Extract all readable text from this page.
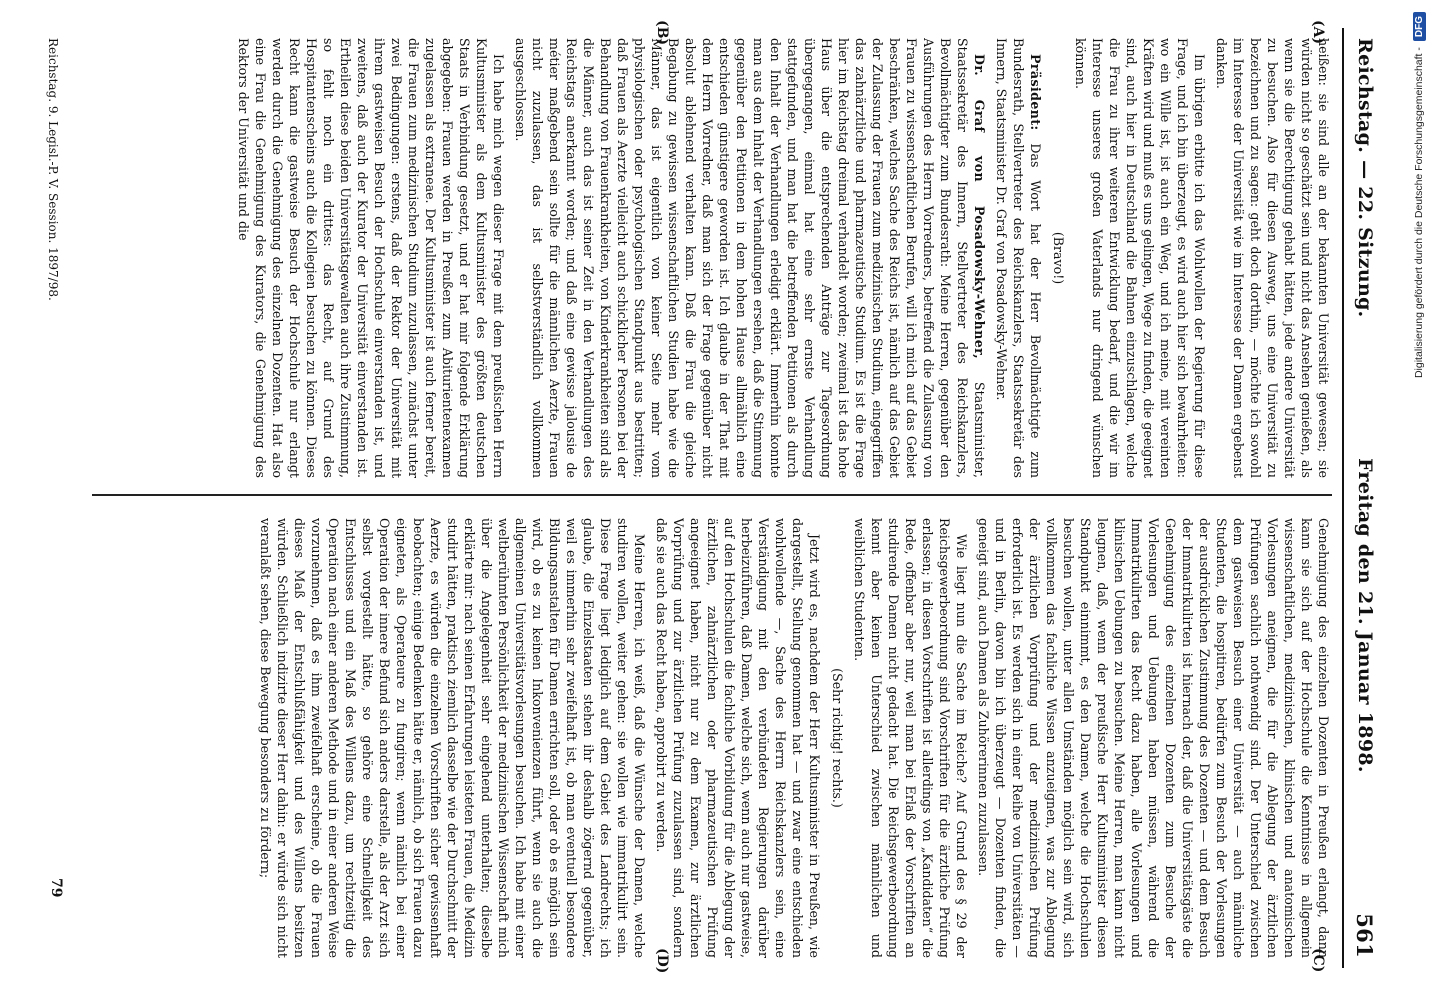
Reichstag. — 22. Sitzung.
Freitag den 21. Januar 1898.
561

heißen: sie sind alle an der bekannten Universität gewesen; sie würden nicht so geschätzt sein und nicht das Ansehen genießen, als wenn sie die Berechtigung gehabt hätten, jede andere Universität zu besuchen. Also für diesen Ausweg, uns eine Universität zu bezeichnen und zu sagen: geht doch dorthin, — möchte ich sowohl im Interesse der Universität wie im Interesse der Damen ergebenst danken.

Im übrigen erbitte ich das Wohlwollen der Regierung für diese Frage, und ich bin überzeugt, es wird auch hier sich bewahrheiten: wo ein Wille ist, ist auch ein Weg, und ich meine, mit vereinten Kräften wird und muß es uns gelingen, Wege zu finden, die geeignet sind, auch hier in Deutschland die Bahnen einzuschlagen, welche die Frau zu ihrer weiteren Entwicklung bedarf, und die wir im Interesse unseres großen Vaterlands nur dringend wünschen können.

(Bravo!)

Präsident: Das Wort hat der Herr Bevollmächtigte zum Bundesrath, Stellvertreter des Reichskanzlers, Staatssekretär des Innern, Staatsminister Dr. Graf von Posadowsky-Wehner.

Dr. Graf von Posadowsky-Wehner, Staatsminister, Staatssekretär des Innern, Stellvertreter des Reichskanzlers, Bevollmächtigter zum Bundesrath: Meine Herren, gegenüber den Ausführungen des Herrn Vorredners, betreffend die Zulassung von Frauen zu wissenschaftlichen Berufen, will ich mich auf das Gebiet beschränken, welches Sache des Reichs ist, nämlich auf das Gebiet der Zulassung der Frauen zum medizinischen Studium, eingegriffen das zahnärztliche und pharmazeutische Studium. Es ist die Frage hier im Reichstag dreimal verhandelt worden; zweimal ist das hohe Haus über die entsprechenden Anträge zur Tagesordnung übergegangen, einmal hat eine sehr ernste Verhandlung stattgefunden, und man hat die betreffenden Petitionen als durch den Inhalt der Verhandlungen erledigt erklärt. Immerhin konnte man aus dem Inhalt der Verhandlungen ersehen, daß die Stimmung gegenüber den Petitionen in dem hohen Hause allmählich eine entschieden günstigere geworden ist. Ich glaube in der That mit dem Herrn Vorredner, daß man sich der Frage gegenüber nicht absolut ablehnend verhalten kann. Daß die Frau die gleiche Begabung zu gewissen wissenschaftlichen Studien habe wie die Männer, das ist eigentlich von keiner Seite mehr vom physiologischen oder psychologischen Standpunkt aus bestritten; daß Frauen als Aerzte vielleicht auch schicklicher Personen bei der Behandlung von Frauenkrankheiten, von Kinderkrankheiten sind als die Männer, auch das ist seiner Zeit in den Verhandlungen des Reichstags anerkannt worden; und daß eine gewisse jalousie de métier maßgebend sein sollte für die männlichen Aerzte, Frauen nicht zuzulassen, das ist selbstverständlich vollkommen ausgeschlossen.

Ich habe mich wegen dieser Frage mit dem preußischen Herrn Kultusminister als dem Kultusminister des größten deutschen Staats in Verbindung gesetzt, und er hat mir folgende Erklärung abgegeben: Frauen werden in Preußen zum Abiturientenexamen zugelassen als extraneae. Der Kultusminister ist auch ferner bereit, die Frauen zum medizinischen Studium zuzulassen, zunächst unter zwei Bedingungen: erstens, daß der Rektor der Universität mit ihrem gastweisen Besuch der Hochschule einverstanden ist, und zweitens, daß auch der Kurator der Universität einverstanden ist. Ertheilen diese beiden Universitätsgewalten auch ihre Zustimmung, so fehlt noch ein drittes: das Recht, auf Grund des Hospitantenscheins auch die Kollegien besuchen zu können. Dieses Recht kann die gastweise Besuch der Hochschule nur erlangt werden durch die Genehmigung des einzelnen Dozenten. Hat also eine Frau die Genehmigung des Kurators, die Genehmigung des Rektors der Universität und die

Genehmigung des einzelnen Dozenten in Preußen erlangt, dann kann sie sich auf der Hochschule die Kenntnisse in allgemein wissenschaftlichen, medizinischen, klinischen und anatomischen Vorlesungen aneignen, die für die Ablegung der ärztlichen Prüfungen sachlich nothwendig sind. Der Unterschied zwischen dem gastweisen Besuch einer Universität — auch männliche Studenten, die hospitiren, bedürfen zum Besuch der Vorlesungen der ausdrücklichen Zustimmung des Dozenten — und dem Besuch der Immatrikulirten ist hiernach der, daß die Universitätsgäste die Genehmigung des einzelnen Dozenten zum Besuche der Vorlesungen und Uebungen haben müssen, während die Immatrikulirten das Recht dazu haben, alle Vorlesungen und klinischen Uebungen zu besuchen. Meine Herren, man kann nicht leugnen, daß, wenn der preußische Herr Kultusminister diesen Standpunkt einnimmt, es den Damen, welche die Hochschulen besuchen wollen, unter allen Umständen möglich sein wird, sich vollkommen das fachliche Wissen anzueignen, was zur Ablegung der ärztlichen Vorprüfung und der medizinischen Prüfung erforderlich ist. Es werden sich in einer Reihe von Universitäten — und in Berlin, davon bin ich überzeugt — Dozenten finden, die geneigt sind, auch Damen als Zuhörerinnen zuzulassen.

Wie liegt nun die Sache im Reiche? Auf Grund des § 29 der Reichsgewerbeordnung sind Vorschriften für die ärztliche Prüfung erlassen; in diesen Vorschriften ist allerdings von „Kandidaten“ die Rede, offenbar aber nur, weil man bei Erlaß der Vorschriften an studirende Damen nicht gedacht hat. Die Reichsgewerbeordnung kennt aber keinen Unterschied zwischen männlichen und weiblichen Studenten.

(Sehr richtig! rechts.)

Jetzt wird es, nachdem der Herr Kultusminister in Preußen, wie dargestellt, Stellung genommen hat — und zwar eine entschieden wohlwollende —, Sache des Herrn Reichskanzlers sein, eine Verständigung mit den verbündeten Regierungen darüber herbeizuführen, daß Damen, welche sich, wenn auch nur gastweise, auf den Hochschulen die fachliche Vorbildung für die Ablegung der ärztlichen, zahnärztlichen oder pharmazeutischen Prüfung angeeignet haben, nicht nur zu dem Examen, zur ärztlichen Vorprüfung und zur ärztlichen Prüfung zuzulassen sind, sondern daß sie auch das Recht haben, approbirt zu werden.

Meine Herren, ich weiß, daß die Wünsche der Damen, welche studiren wollen, weiter gehen: sie wollen wie immatrikulirt sein. Diese Frage liegt lediglich auf dem Gebiet des Landrechts; ich glaube, die Einzelstaaten stehen ihr deshalb zögernd gegenüber, weil es immerhin sehr zweifelhaft ist, ob man eventuell besondere Bildungsanstalten für Damen errichten soll, oder ob es möglich sein wird, ob es zu keinen Inkonvenienzen führt, wenn sie auch die allgemeinen Universitätsvorlesungen besuchen. Ich habe mit einer weltberühmten Persönlichkeit der medizinischen Wissenschaft mich über die Angelegenheit sehr eingehend unterhalten; dieselbe erklärte mir: nach seinen Erfahrungen leisteten Frauen, die Medizin studirt hätten, praktisch ziemlich dasselbe wie der Durchschnitt der Aerzte, es würden die einzelnen Vorschriften sicher gewissenhaft beobachten; einige Bedenken hätte er, nämlich, ob sich Frauen dazu eigneten, als Operateure zu fungiren; wenn nämlich bei einer Operation der innere Befund sich anders darstelle, als der Arzt sich selbst vorgestellt hätte, so gehöre eine Schnelligkeit des Entschlusses und ein Maß des Willens dazu, um rechtzeitig die Operation nach einer anderen Methode und in einer anderen Weise vorzunehmen, daß es ihm zweifelhaft erscheine, ob die Frauen dieses Maß der Entschlußfähigkeit und des Willens besitzen würden. Schließlich indizirte dieser Herr dahin: er würde sich nicht veranlaßt sehen, diese Bewegung besonders zu fördern;

(A)
(B)
(C)
(D)
Reichstag. 9. Legisl.-P. V. Session. 1897/98.
79
Digitalisierung gefördert durch die Deutsche Forschungsgemeinschaft -
DFG
